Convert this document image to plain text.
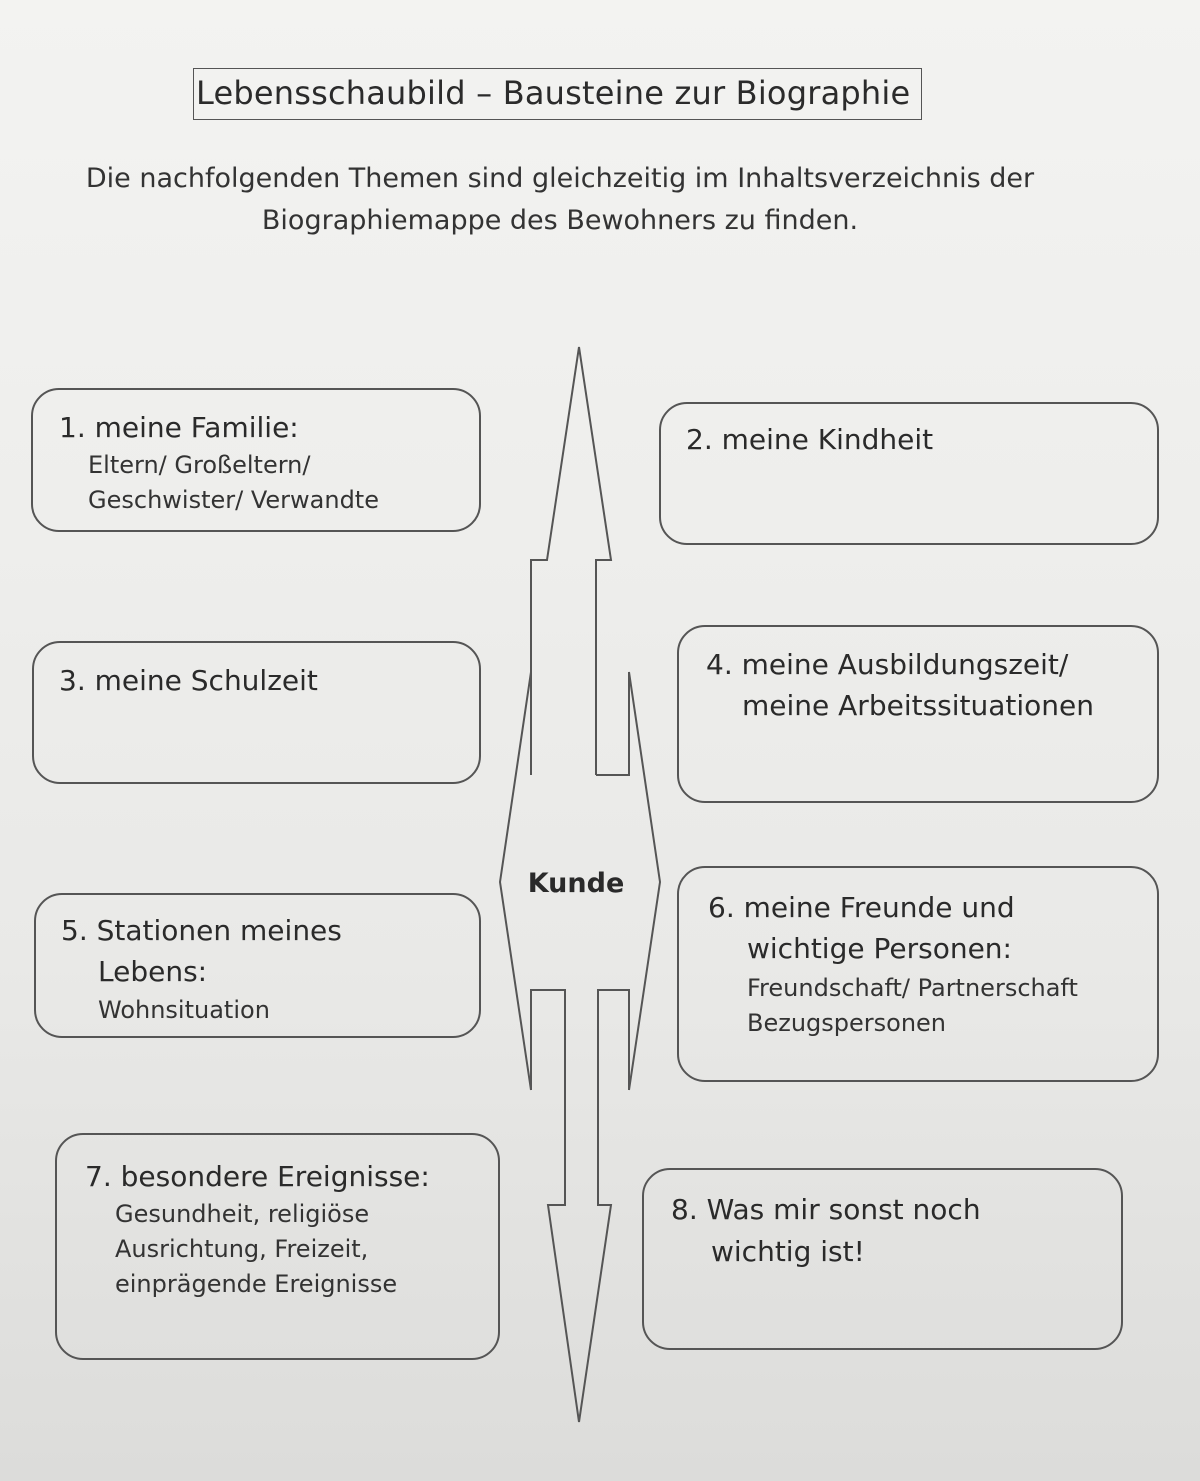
Lebensschaubild – Bausteine zur Biographie
Die nachfolgenden Themen sind gleichzeitig im Inhaltsverzeichnis der
Biographiemappe des Bewohners zu finden.
Kunde
1. meine Familie:
Eltern/ Großeltern/
Geschwister/ Verwandte
2. meine Kindheit
3. meine Schulzeit	4. meine Ausbildungszeit/
meine Arbeitssituationen
5. Stationen meines
Lebens:
Wohnsituation
6. meine Freunde und
wichtige Personen:
Freundschaft/ Partnerschaft
Bezugspersonen
7. besondere Ereignisse:
Gesundheit, religiöse
Ausrichtung, Freizeit,
einprägende Ereignisse
8. Was mir sonst noch
wichtig ist!
